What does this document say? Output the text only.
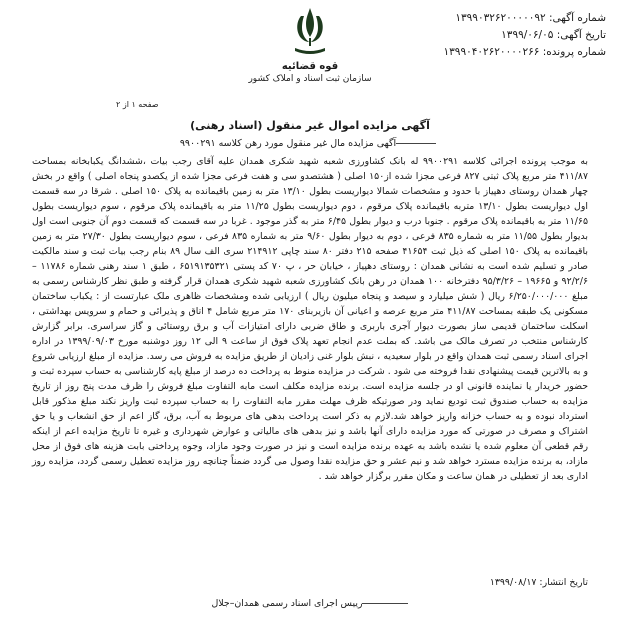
شماره آگهی: ۱۳۹۹۰۳۲۶۲۰۰۰۰۰۹۲
تاریخ آگهی: ۱۳۹۹/۰۶/۰۵
شماره پرونده: ۱۳۹۹۰۴۰۲۶۲۰۰۰۰۲۶۶
قوه قضائیه
سازمان ثبت اسناد و املاک کشور
صفحه ۱ از ۲
آگهی مزایده اموال غیر منقول (اسناد رهنی)
آگهی مزایده مال غیر منقول مورد رهن کلاسه ۹۹۰۰۲۹۱

به موجب پرونده اجرائی کلاسه ۹۹۰۰۲۹۱ له بانک کشاورزی شعبه شهید شکری همدان علیه آقای رجب بیات ،ششدانگ یکبابخانه بمساحت ۴۱۱/۸۷ متر مربع پلاک ثبتی ۸۲۷ فرعی مجزا شده از۱۵۰ اصلی ( هشتصدو سی و هفت فرعی مجزا شده از یکصدو پنجاه اصلی ) واقع در بخش چهار همدان روستای دهپیاز با حدود و مشخصات شمالا دیواریست بطول ۱۳/۱۰ متر به زمین باقیمانده به پلاک ۱۵۰ اصلی . شرقا در سه قسمت اول دیواریست بطول ۱۳/۱۰ متربه باقیمانده پلاک مرقوم ، دوم دیواریست بطول ۱۱/۲۵ متر به باقیمانده پلاک مرقوم ، سوم دیواریست بطول ۱۱/۶۵ متر به باقیمانده پلاک مرقوم . جنوبا درب و دیوار بطول ۶/۴۵ متر به گذر موجود . غربا در سه قسمت که قسمت دوم آن جنوبی است اول بدیوار بطول ۱۱/۵۵ متر به شماره ۸۳۵ فرعی ، دوم به دیوار بطول ۹/۶۰ متر به شماره ۸۳۵ فرعی ، سوم دیواریست بطول ۲۷/۳۰ متر به زمین باقیمانده به پلاک ۱۵۰ اصلی که ذیل ثبت ۴۱۶۵۴ صفحه ۲۱۵ دفتر ۸۰ سند چاپی ۲۱۴۹۱۲ سری الف سال ۸۹ بنام رجب بیات ثبت و سند مالکیت صادر و تسلیم شده است به نشانی همدان : روستای دهپیاز ، خیابان حر ، پ ۷۰ کد پستی ۶۵۱۹۱۳۵۳۲۱ ، طبق ۱ سند رهنی شماره ۱۱۷۸۶ – ۹۲/۲/۶ و ۱۹۶۶۵ – ۹۵/۳/۲۶ دفترخانه ۱۰۰ همدان در رهن بانک کشاورزی شعبه شهید شکری همدان قرار گرفته و طبق نظر کارشناس رسمی به مبلغ ۶/۲۵۰/۰۰۰/۰۰۰ ریال ( شش میلیارد و سیصد و پنجاه میلیون ریال ) ارزیابی شده ومشخصات ظاهری ملک عبارتست از : یکباب ساختمان مسکونی یک طبقه بمساحت ۴۱۱/۸۷ متر مربع عرصه و اعیانی آن بازیربنای ۱۷۰ متر مربع شامل ۴ اتاق و پذیرائی و حمام و سرویس بهداشتی ، اسکلت ساختمان قدیمی ساز بصورت دیوار آجری باربری و طاق ضربی دارای امتیازات آب و برق روستائی و گاز سراسری. برابر گزارش کارشناس منتخب در تصرف مالک می باشد. که بملت عدم انجام تعهد پلاک فوق از ساعت ۹ الی ۱۲ روز دوشنبه مورخ ۱۳۹۹/۰۹/۰۳ در اداره اجرای اسناد رسمی ثبت همدان واقع در بلوار سعیدیه ، نبش بلوار غنی زادیان از طریق مزایده به فروش می رسد. مزایده از مبلغ ارزیابی شروع و به بالاترین قیمت پیشنهادی نقدا فروخته می شود . شرکت در مزایده منوط به پرداخت ده درصد از مبلغ پایه کارشناسی به حساب سپرده ثبت و حضور خریدار یا نماینده قانونی او در جلسه مزایده است. برنده مزایده مکلف است مابه التفاوت مبلغ فروش را ظرف مدت پنج روز از تاریخ مزایده به حساب صندوق ثبت تودیع نماید ودر صورتیکه ظرف مهلت مقرر مابه التفاوت را به حساب سپرده ثبت واریز نکند مبلغ مذکور قابل استرداد نبوده و به حساب خزانه واریز خواهد شد.لازم به ذکر است پرداخت بدهی های مربوط به آب، برق، گاز اعم از حق انشعاب و یا حق اشتراک و مصرف در صورتی که مورد مزایده دارای آنها باشد و نیز بدهی های مالیاتی و عوارض شهرداری و غیره تا تاریخ مزایده اعم از اینکه رقم قطعی آن معلوم شده یا نشده باشد به عهده برنده مزایده است و نیز در صورت وجود مازاد، وجوه پرداختی بابت هزینه های فوق از محل مازاد، به برنده مزایده مسترد خواهد شد و نیم عشر و حق مزایده نقدا وصول می گردد ضمناً چنانچه روز مزایده تعطیل رسمی گردد، مزایده روز اداری بعد از تعطیلی در همان ساعت و مکان مقرر برگزار خواهد شد .

تاریخ انتشار: ۱۳۹۹/۰۸/۱۷
رییس اجرای اسناد رسمی همدان–جلال
